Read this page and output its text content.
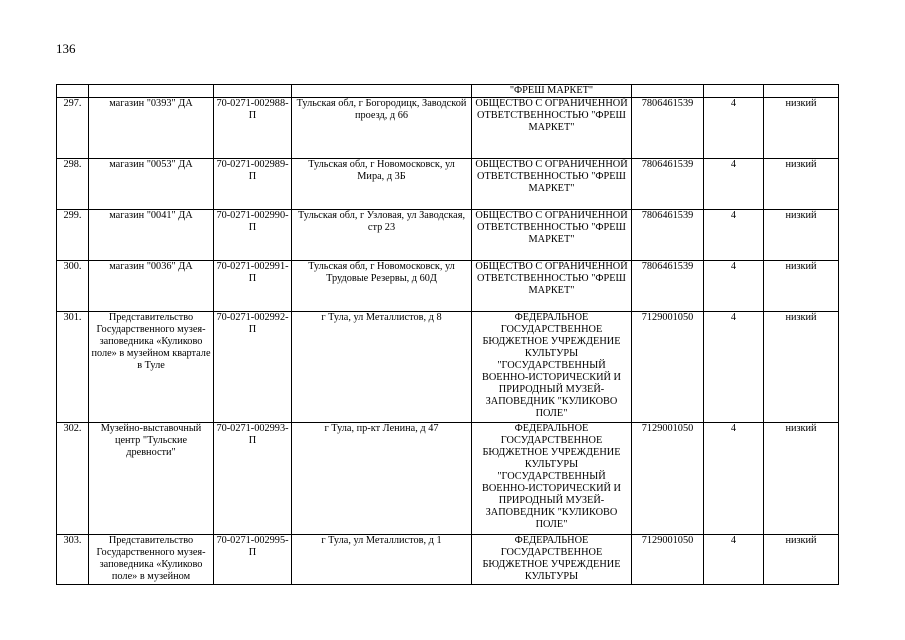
136
				"ФРЕШ МАРКЕТ"			
297.	магазин "0393" ДА	70-0271-002988-П	Тульская обл, г Богородицк, Заводской проезд, д 66	ОБЩЕСТВО С ОГРАНИЧЕННОЙ ОТВЕТСТВЕННОСТЬЮ "ФРЕШ МАРКЕТ"	7806461539	4	низкий
298.	магазин "0053" ДА	70-0271-002989-П	Тульская обл, г Новомосковск, ул Мира, д 3Б	ОБЩЕСТВО С ОГРАНИЧЕННОЙ ОТВЕТСТВЕННОСТЬЮ "ФРЕШ МАРКЕТ"	7806461539	4	низкий
299.	магазин "0041" ДА	70-0271-002990-П	Тульская обл, г Узловая, ул Заводская, стр 23	ОБЩЕСТВО С ОГРАНИЧЕННОЙ ОТВЕТСТВЕННОСТЬЮ "ФРЕШ МАРКЕТ"	7806461539	4	низкий
300.	магазин "0036" ДА	70-0271-002991-П	Тульская обл, г Новомосковск, ул Трудовые Резервы, д 60Д	ОБЩЕСТВО С ОГРАНИЧЕННОЙ ОТВЕТСТВЕННОСТЬЮ "ФРЕШ МАРКЕТ"	7806461539	4	низкий
301.	Представительство Государственного музея-заповедника «Куликово поле» в музейном квартале в Туле	70-0271-002992-П	г Тула, ул Металлистов, д 8	ФЕДЕРАЛЬНОЕ ГОСУДАРСТВЕННОЕ БЮДЖЕТНОЕ УЧРЕЖДЕНИЕ КУЛЬТУРЫ "ГОСУДАРСТВЕННЫЙ ВОЕННО-ИСТОРИЧЕСКИЙ И ПРИРОДНЫЙ МУЗЕЙ-ЗАПОВЕДНИК "КУЛИКОВО ПОЛЕ"	7129001050	4	низкий
302.	Музейно-выставочный центр "Тульские древности"	70-0271-002993-П	г Тула, пр-кт Ленина, д 47	ФЕДЕРАЛЬНОЕ ГОСУДАРСТВЕННОЕ БЮДЖЕТНОЕ УЧРЕЖДЕНИЕ КУЛЬТУРЫ "ГОСУДАРСТВЕННЫЙ ВОЕННО-ИСТОРИЧЕСКИЙ И ПРИРОДНЫЙ МУЗЕЙ-ЗАПОВЕДНИК "КУЛИКОВО ПОЛЕ"	7129001050	4	низкий
303.	Представительство Государственного музея-заповедника «Куликово поле» в музейном	70-0271-002995-П	г Тула, ул Металлистов, д 1	ФЕДЕРАЛЬНОЕ ГОСУДАРСТВЕННОЕ БЮДЖЕТНОЕ УЧРЕЖДЕНИЕ КУЛЬТУРЫ	7129001050	4	низкий
